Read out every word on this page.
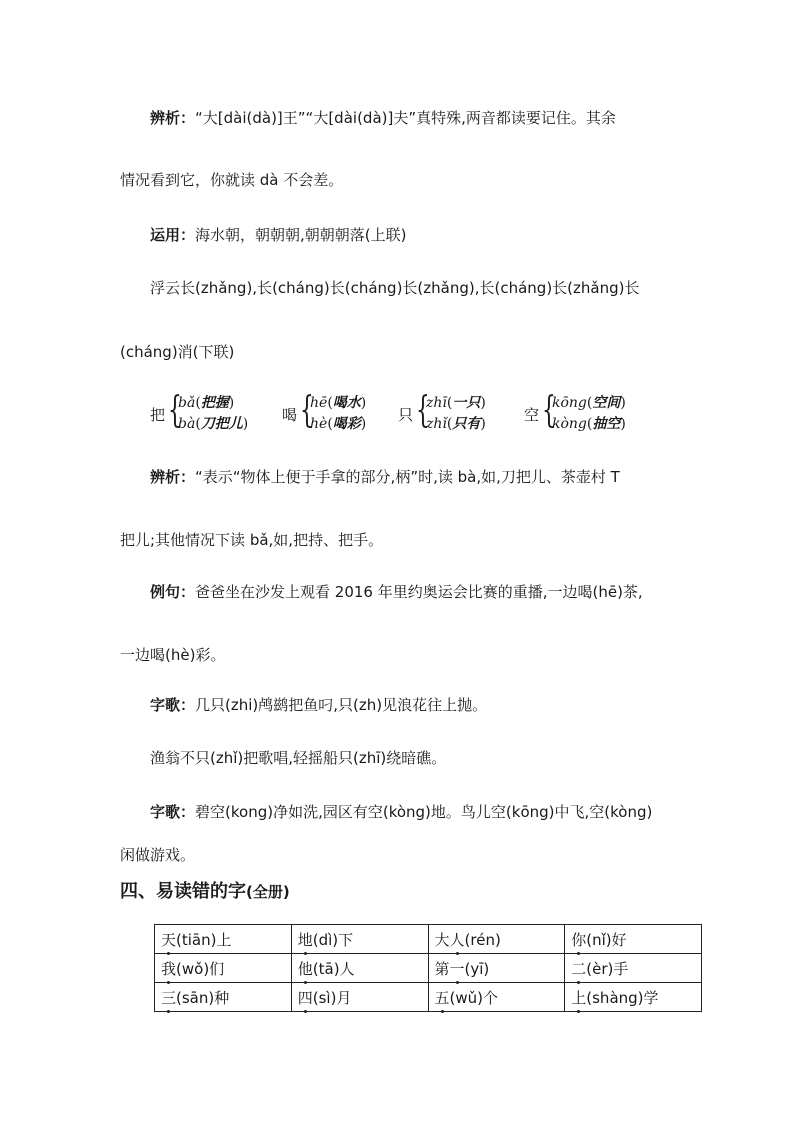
辨析：“大[dài(dà)]王”“大[dài(dà)]夫”真特殊,两音都读要记住。其余
情况看到它，你就读 dà 不会差。
运用：海水朝，朝朝朝,朝朝朝落(上联)
浮云长(zhǎng),长(cháng)长(cháng)长(zhǎng),长(cháng)长(zhǎng)长
(cháng)消(下联)
把 {
bǎ(把握)
bà(刀把儿) 喝 {
hē(喝水)
hè(喝彩) 只 {
zhī(一只)
zhǐ(只有)	空 {
kōng(空间)
kòng(抽空)
辨析：“表示“物体上便于手拿的部分,柄”时,读 bà,如,刀把儿、茶壶村 T
把儿;其他情况下读 bǎ,如,把持、把手。
例句：爸爸坐在沙发上观看 2016 年里约奥运会比赛的重播,一边喝(hē)茶,
一边喝(hè)彩。
字歌：几只(zhi)鸬鹚把鱼叼,只(zh)见浪花往上抛。
渔翁不只(zhǐ)把歌唱,轻摇船只(zhī)绕暗礁。
字歌：碧空(kong)净如洗,园区有空(kòng)地。鸟儿空(kōng)中飞,空(kòng)
闲做游戏。
四、易读错的字(全册)
天(tiān)上	地(dì)下	大人(rén)	你(nǐ)好
我(wǒ)们	他(tā)人	第一(yī)	二(èr)手
三(sān)种	四(sì)月	五(wǔ)个	上(shàng)学
